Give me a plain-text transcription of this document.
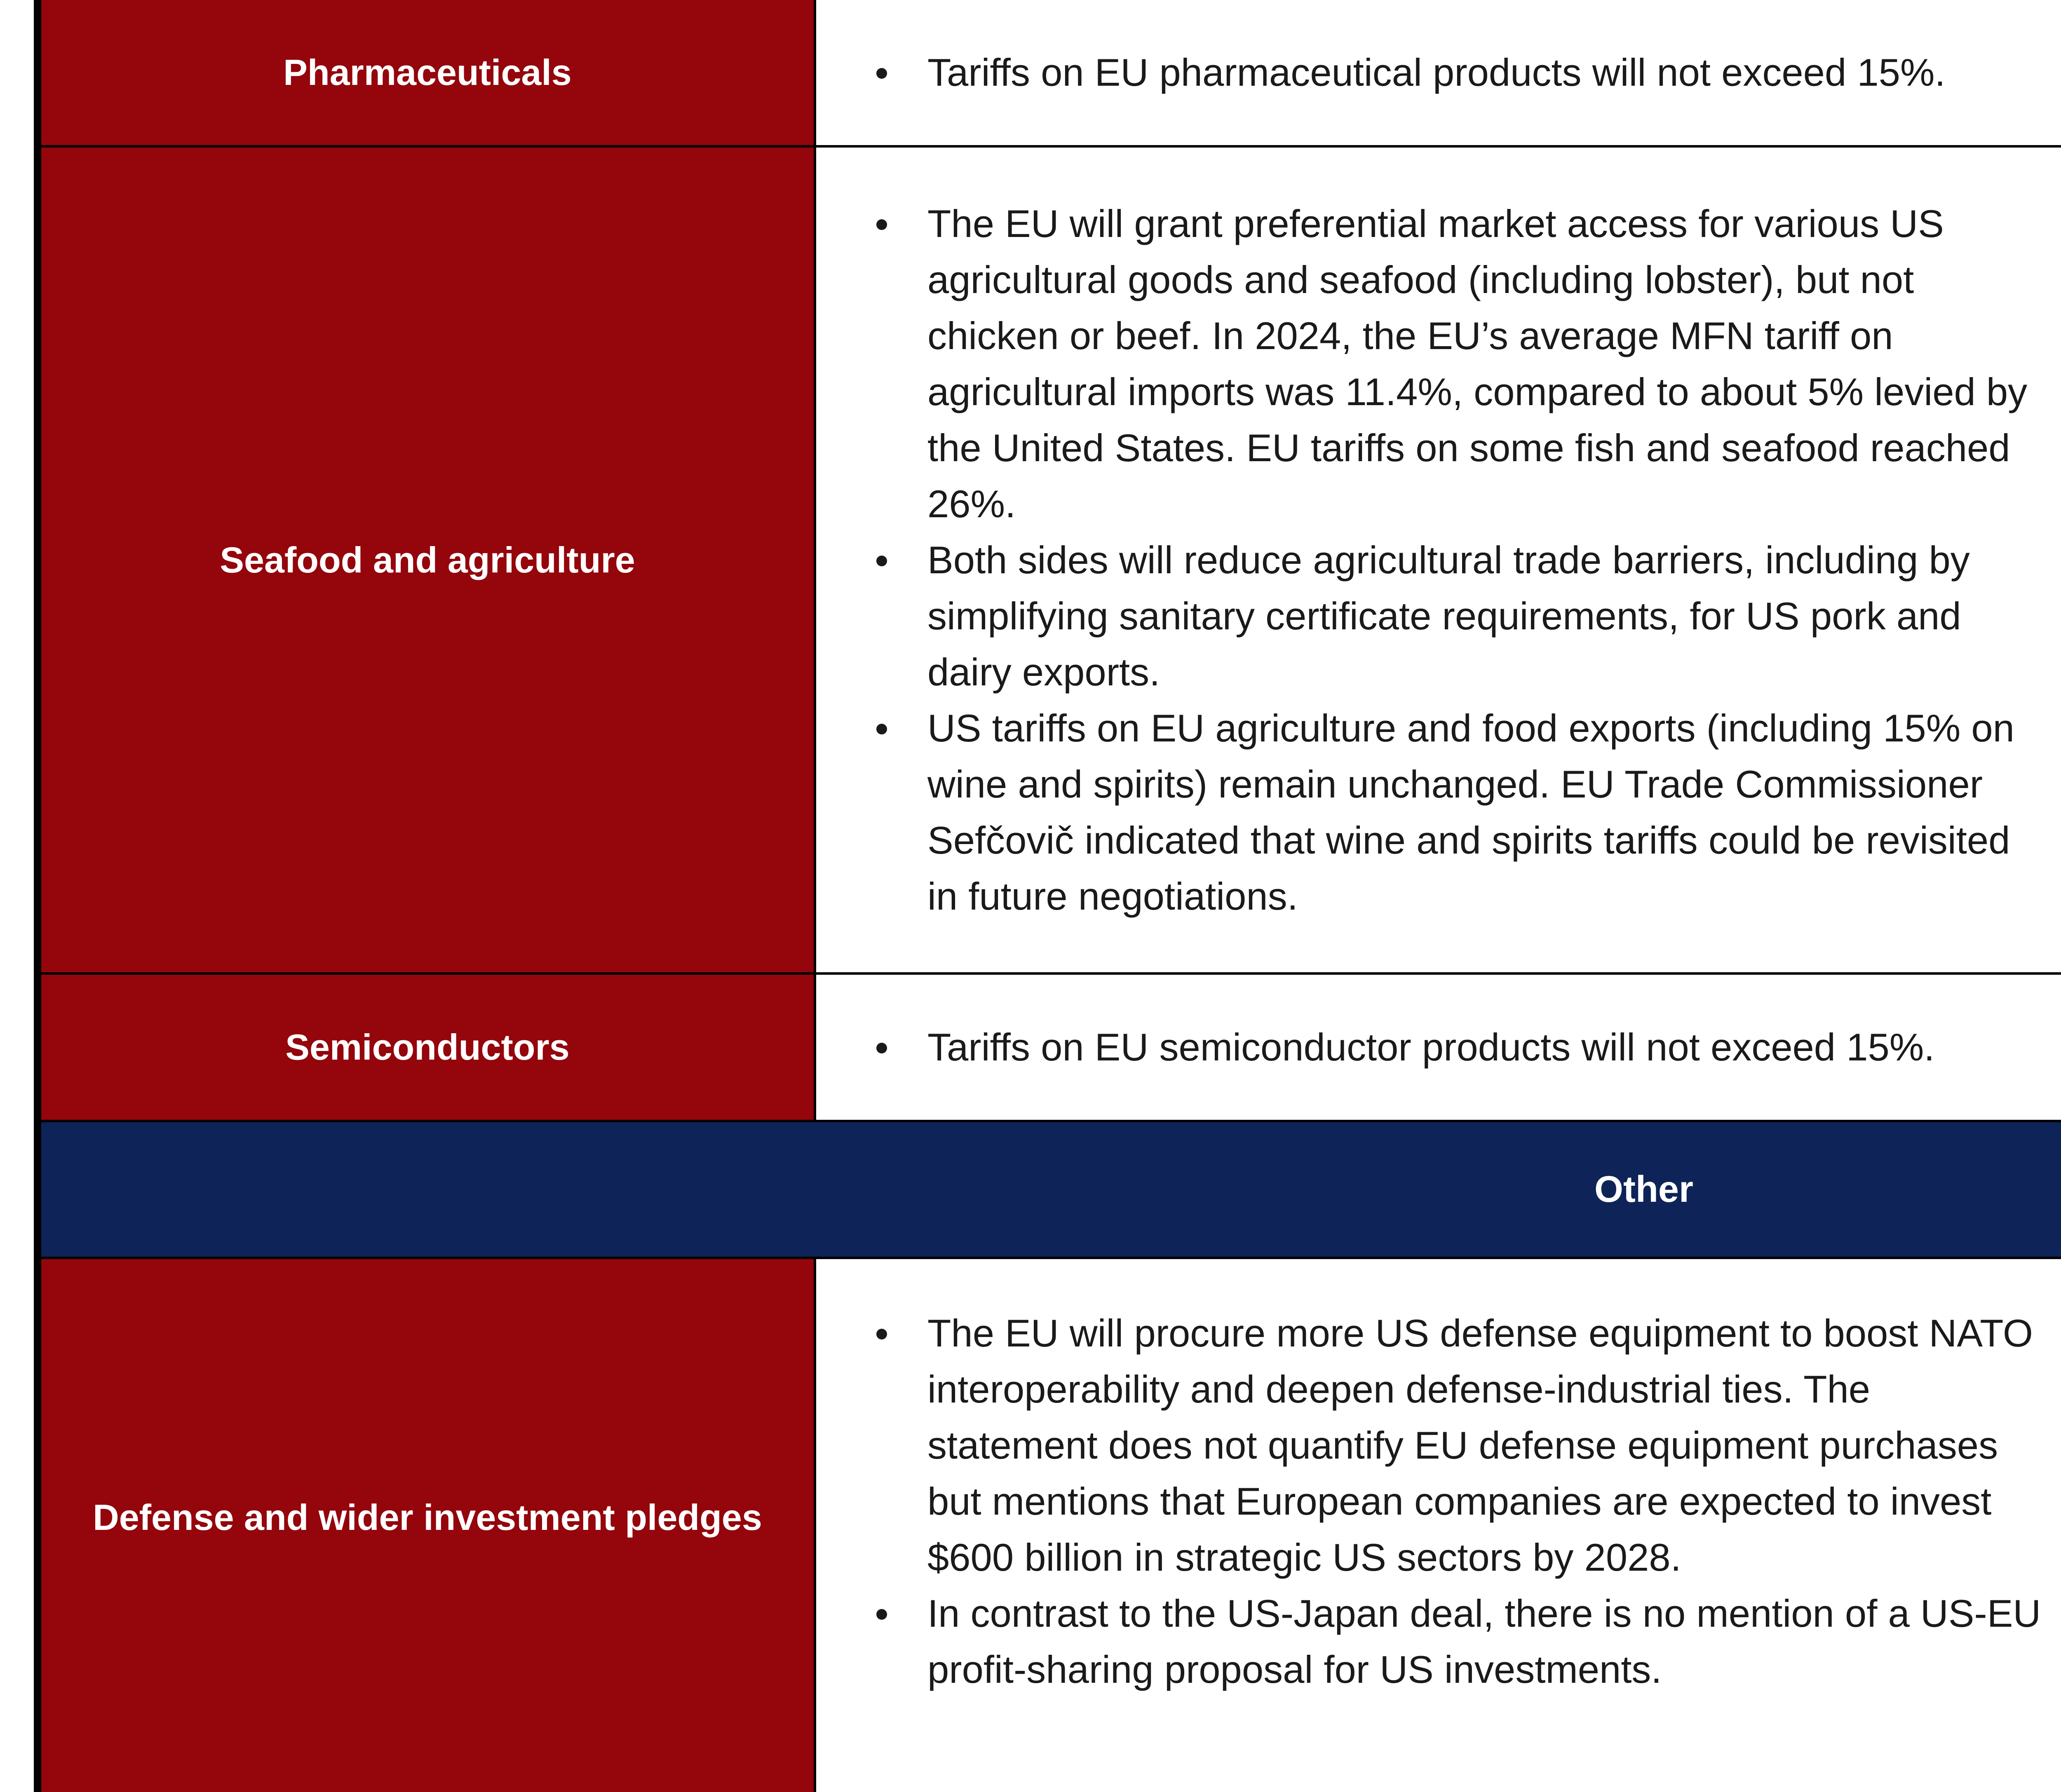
Pharmaceuticals	Tariffs on EU pharmaceutical products will not exceed 15%.
Seafood and agriculture
The EU will grant preferential market access for various US agricultural goods and seafood (including lobster), but not chicken or beef. In 2024, the EU’s average MFN tariff on agricultural imports was 11.4%, compared to about 5% levied by the United States. EU tariffs on some fish and seafood reached 26%.
Both sides will reduce agricultural trade barriers, including by simplifying sanitary certificate requirements, for US pork and dairy exports.
US tariffs on EU agriculture and food exports (including 15% on wine and spirits) remain unchanged. EU Trade Commissioner Sefčovič indicated that wine and spirits tariffs could be revisited in future negotiations.
Semiconductors	Tariffs on EU semiconductor products will not exceed 15%.
Other
Defense and wider investment pledges
The EU will procure more US defense equipment to boost NATO interoperability and deepen defense-industrial ties. The statement does not quantify EU defense equipment purchases but mentions that European companies are expected to invest $600 billion in strategic US sectors by 2028.
In contrast to the US-Japan deal, there is no mention of a US-EU profit-sharing proposal for US investments.
